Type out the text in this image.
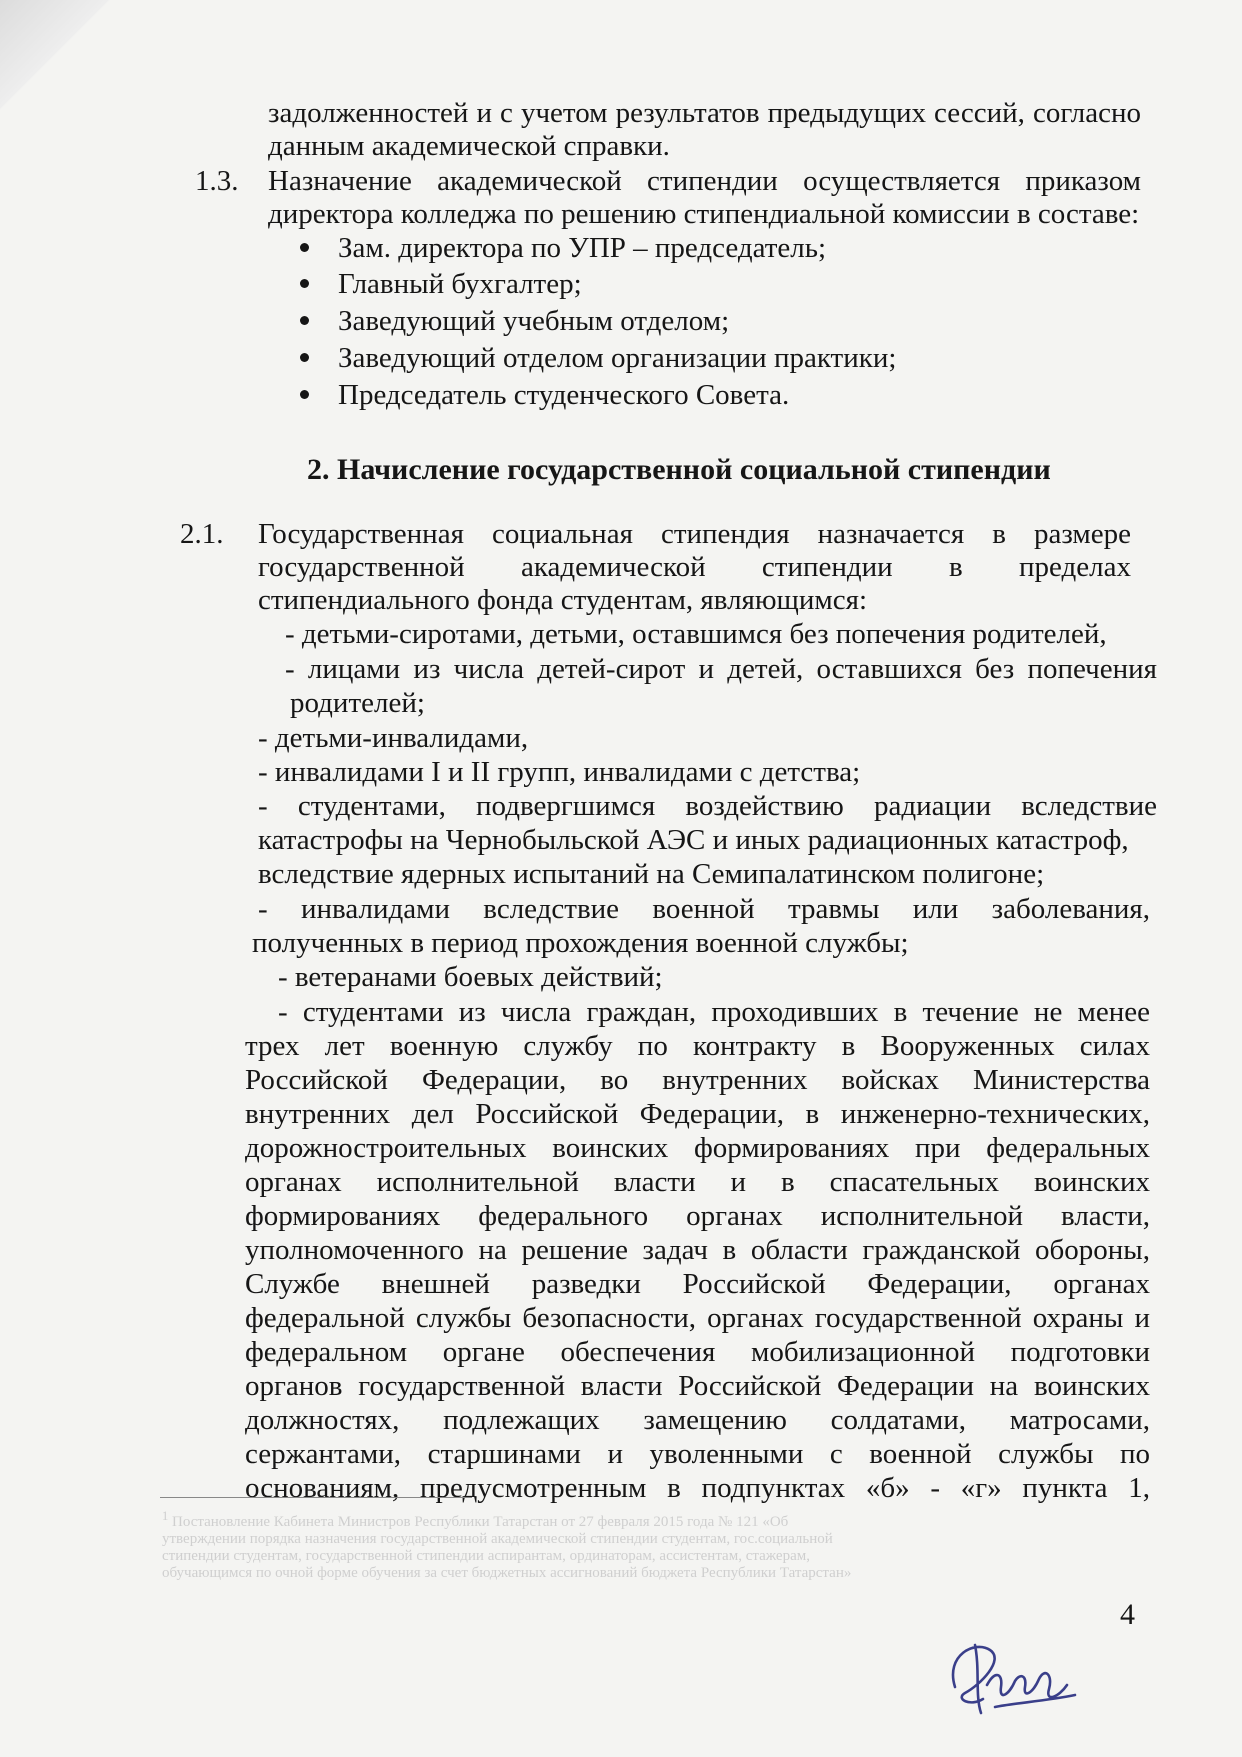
задолженностей и с учетом результатов предыдущих сессий, согласно
данным академической справки.
1.3. Назначение академической стипендии осуществляется приказом
директора колледжа по решению стипендиальной комиссии в составе:
Зам. директора по УПР – председатель;
Главный бухгалтер;
Заведующий учебным отделом;
Заведующий отделом организации практики;
Председатель студенческого Совета.
2. Начисление государственной социальной стипендии
2.1. Государственная социальная стипендия назначается в размере
государственной академической стипендии в пределах
стипендиального фонда студентам, являющимся:
- детьми-сиротами, детьми, оставшимся без попечения родителей,
- лицами из числа детей-сирот и детей, оставшихся без попечения
родителей;
- детьми-инвалидами,
- инвалидами I и II групп, инвалидами с детства;
- студентами, подвергшимся воздействию радиации вследствие
катастрофы на Чернобыльской АЭС и иных радиационных катастроф,
вследствие ядерных испытаний на Семипалатинском полигоне;
- инвалидами вследствие военной травмы или заболевания,
полученных в период прохождения военной службы;
- ветеранами боевых действий;
- студентами из числа граждан, проходивших в течение не менее
трех лет военную службу по контракту в Вооруженных силах
Российской Федерации, во внутренних войсках Министерства
внутренних дел Российской Федерации, в инженерно-технических,
дорожностроительных воинских формированиях при федеральных
органах исполнительной власти и в спасательных воинских
формированиях федерального органах исполнительной власти,
уполномоченного на решение задач в области гражданской обороны,
Службе внешней разведки Российской Федерации, органах
федеральной службы безопасности, органах государственной охраны и
федеральном органе обеспечения мобилизационной подготовки
органов государственной власти Российской Федерации на воинских
должностях, подлежащих замещению солдатами, матросами,
сержантами, старшинами и уволенными с военной службы по
основаниям, предусмотренным в подпунктах «б» - «г» пункта 1,
$^1$ Постановление Кабинета Министров Республики Татарстан от 27 февраля 2015 года № 121 «Об
утверждении порядка назначения государственной академической стипендии студентам, гос.социальной
стипендии студентам, государственной стипендии аспирантам, ординаторам, ассистентам, стажерам,
обучающимся по очной форме обучения за счет бюджетных ассигнований бюджета Республики Татарстан»
4
